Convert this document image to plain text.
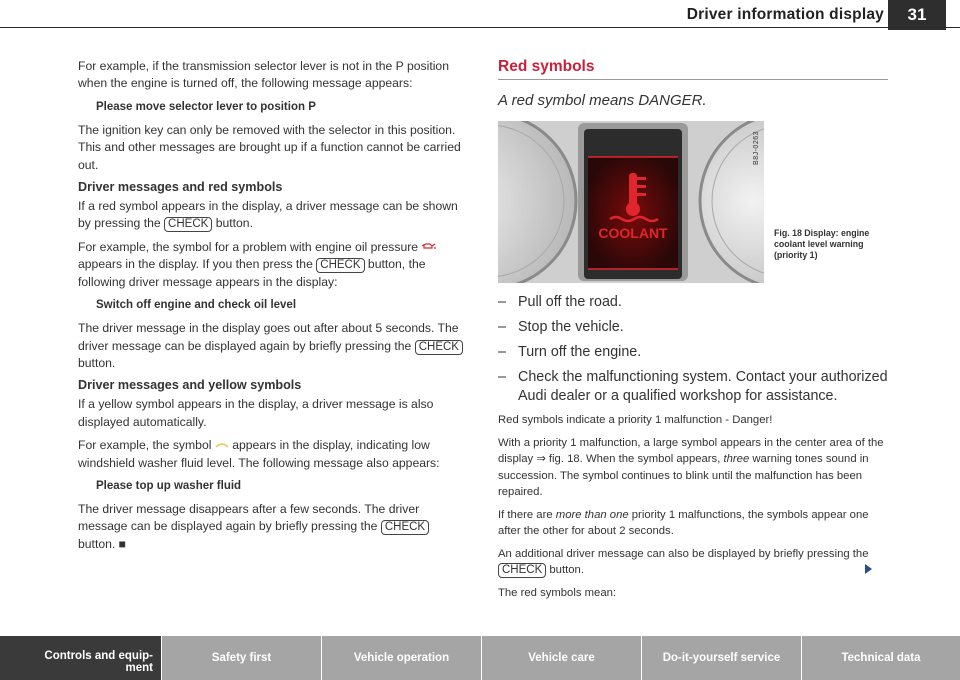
Driver information display	31

For example, if the transmission selector lever is not in the P position when the engine is turned off, the following message appears:

Please move selector lever to position P

The ignition key can only be removed with the selector in this position. This and other messages are brought up if a function cannot be carried out.

Driver messages and red symbols

If a red symbol appears in the display, a driver message can be shown by pressing the CHECK button.

For example, the symbol for a problem with engine oil pressure  appears in the display. If you then press the CHECK button, the following driver message appears in the display:

Switch off engine and check oil level

The driver message in the display goes out after about 5 seconds. The driver message can be displayed again by briefly pressing the CHECK button.

Driver messages and yellow symbols

If a yellow symbol appears in the display, a driver message is also displayed automatically.

For example, the symbol  appears in the display, indicating low windshield washer fluid level. The following message also appears:

Please top up washer fluid

The driver message disappears after a few seconds. The driver message can be displayed again by briefly pressing the CHECK button. ■

Red symbols
A red symbol means DANGER.
COOLANT
B8J-0263
Fig. 18 Display: engine coolant level warning (priority 1)
– Pull off the road.
– Stop the vehicle.
– Turn off the engine.
– Check the malfunctioning system. Contact your authorized Audi dealer or a qualified workshop for assistance.

Red symbols indicate a priority 1 malfunction - Danger!

With a priority 1 malfunction, a large symbol appears in the center area of the display ⇒ fig. 18. When the symbol appears, three warning tones sound in succession. The symbol continues to blink until the malfunction has been repaired.

If there are more than one priority 1 malfunctions, the symbols appear one after the other for about 2 seconds.

An additional driver message can also be displayed by briefly pressing the CHECK button.

The red symbols mean:

Controls and equip-
ment
Safety first	Vehicle operation	Vehicle care	Do-it-yourself service	Technical data
